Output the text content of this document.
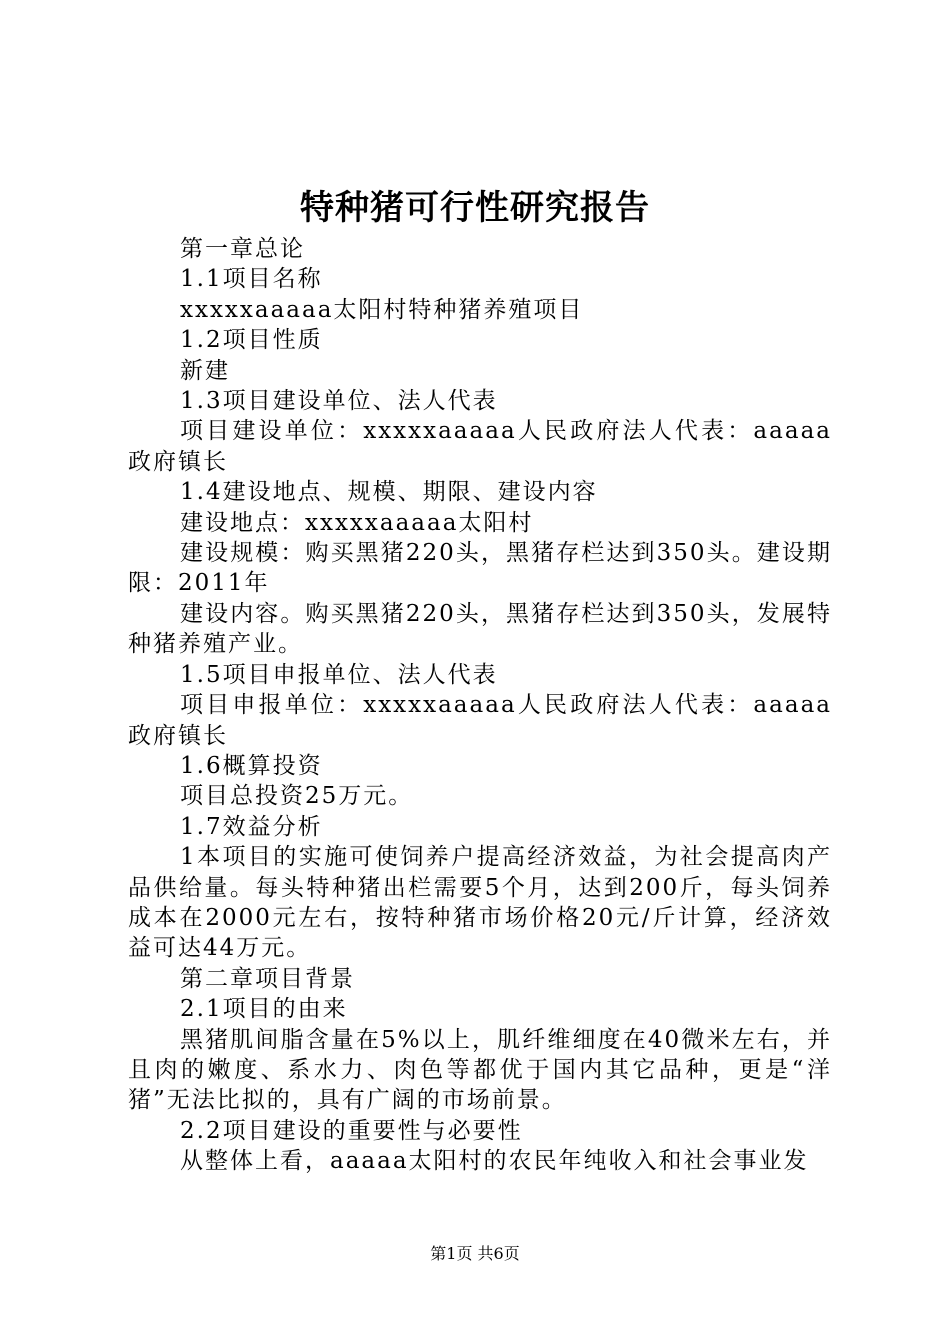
特种猪可行性研究报告

第一章总论

1.1项目名称

xxxxxaaaaa太阳村特种猪养殖项目

1.2项目性质

新建

1.3项目建设单位、法人代表

项目建设单位：xxxxxaaaaa人民政府法人代表：aaaaa政府镇长

1.4建设地点、规模、期限、建设内容

建设地点：xxxxxaaaaa太阳村

建设规模：购买黑猪220头，黑猪存栏达到350头。建设期限：2011年

建设内容。购买黑猪220头，黑猪存栏达到350头，发展特种猪养殖产业。

1.5项目申报单位、法人代表

项目申报单位：xxxxxaaaaa人民政府法人代表：aaaaa政府镇长

1.6概算投资

项目总投资25万元。

1.7效益分析

1本项目的实施可使饲养户提高经济效益，为社会提高肉产品供给量。每头特种猪出栏需要5个月，达到200斤，每头饲养成本在2000元左右，按特种猪市场价格20元/斤计算，经济效益可达44万元。

第二章项目背景

2.1项目的由来

黑猪肌间脂含量在5%以上，肌纤维细度在40微米左右，并且肉的嫩度、系水力、肉色等都优于国内其它品种，更是“洋猪”无法比拟的，具有广阔的市场前景。

2.2项目建设的重要性与必要性

从整体上看，aaaaa太阳村的农民年纯收入和社会事业发

第1页 共6页
